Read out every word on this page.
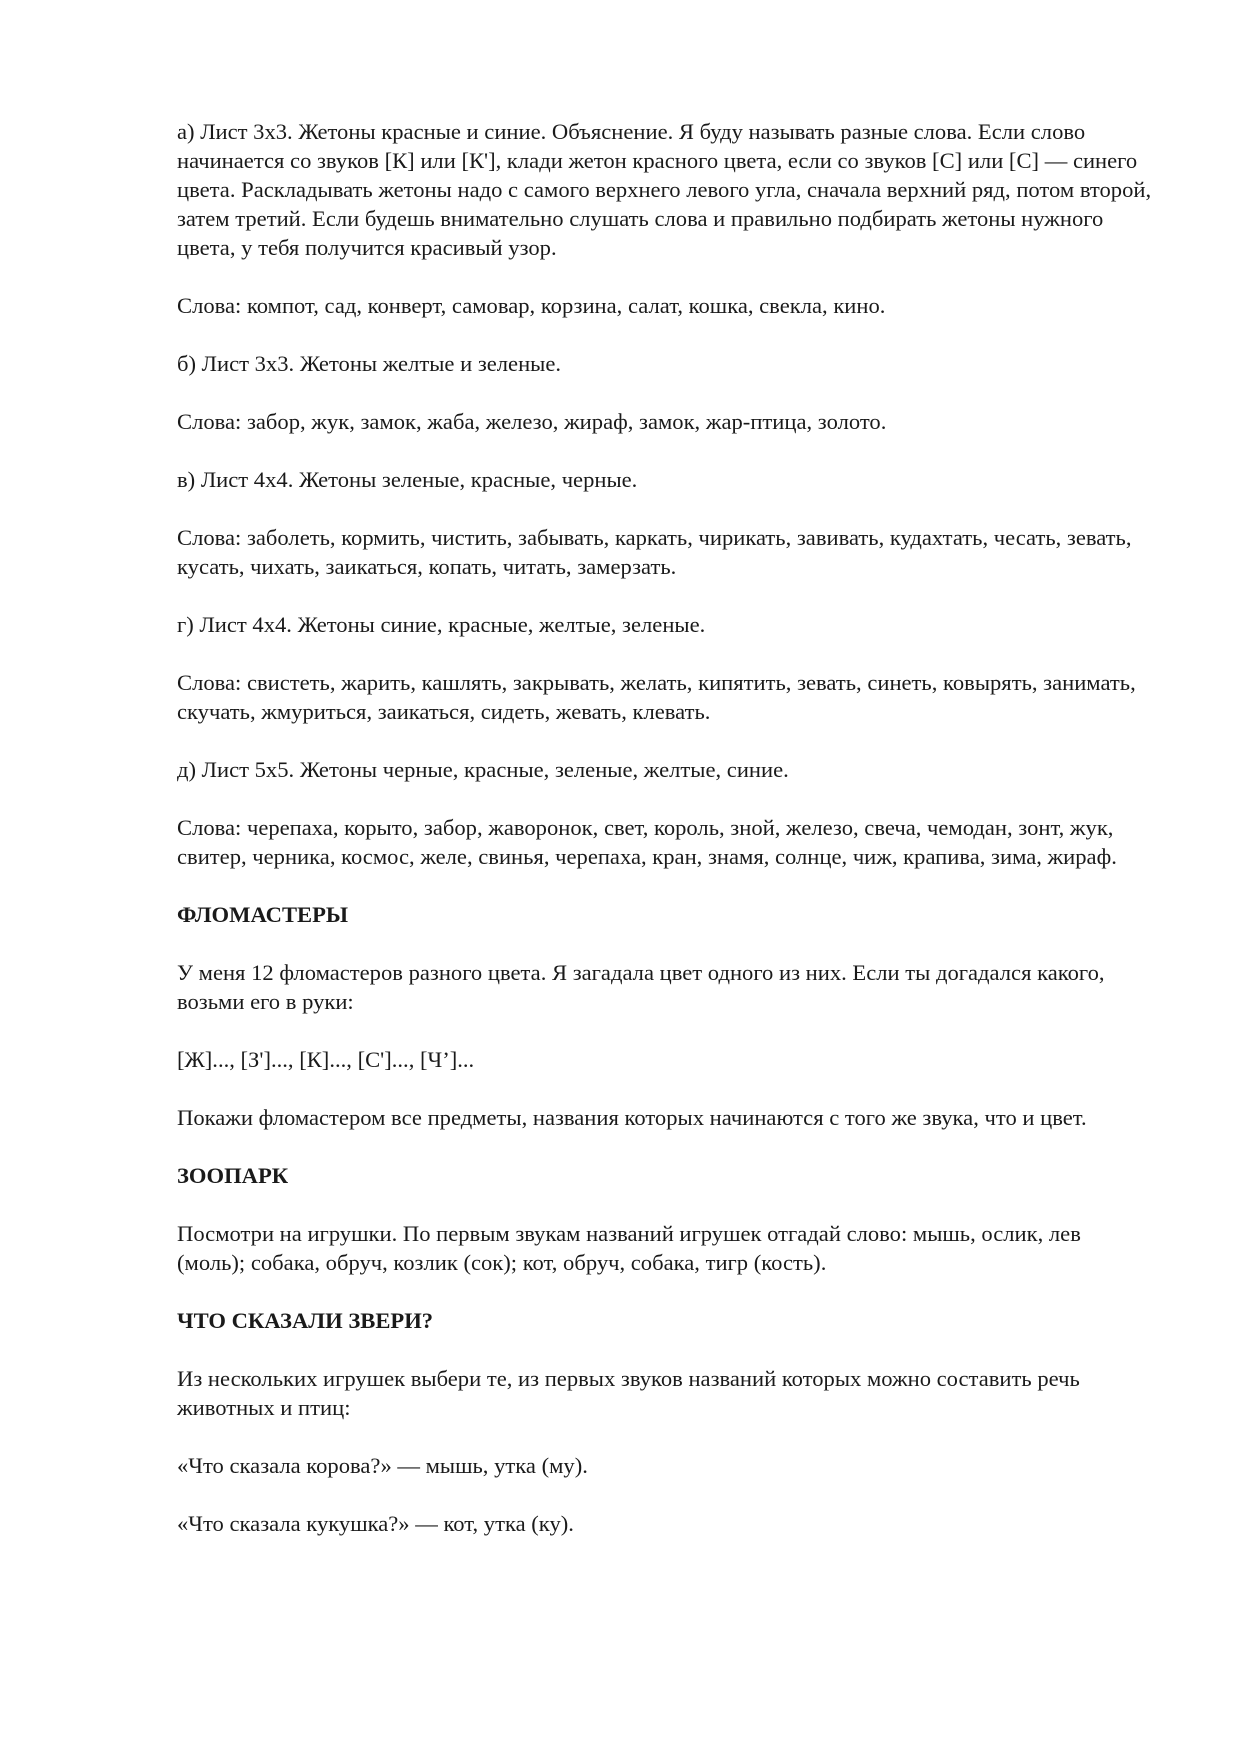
а) Лист 3x3. Жетоны красные и синие. Объяснение. Я буду называть разные слова. Если слово начинается со звуков [К] или [К'], клади жетон красного цвета, если со звуков [С] или [С] — синего цвета. Раскладывать жетоны надо с самого верхнего левого угла, сначала верхний ряд, потом второй, затем третий. Если будешь внимательно слушать слова и правильно подбирать жетоны нужного цвета, у тебя получится красивый узор.

Слова: компот, сад, конверт, самовар, корзина, салат, кошка, свекла, кино.

б) Лист 3x3. Жетоны желтые и зеленые.

Слова: забор, жук, замок, жаба, железо, жираф, замок, жар-птица, золото.

в) Лист 4x4. Жетоны зеленые, красные, черные.

Слова: заболеть, кормить, чистить, забывать, каркать, чирикать, завивать, кудахтать, чесать, зевать, кусать, чихать, заикаться, копать, читать, замерзать.

г) Лист 4x4. Жетоны синие, красные, желтые, зеленые.

Слова: свистеть, жарить, кашлять, закрывать, желать, кипятить, зевать, синеть, ковырять, занимать, скучать, жмуриться, заикаться, сидеть, жевать, клевать.

д) Лист 5x5. Жетоны черные, красные, зеленые, желтые, синие.

Слова: черепаха, корыто, забор, жаворонок, свет, король, зной, железо, свеча, чемодан, зонт, жук, свитер, черника, космос, желе, свинья, черепаха, кран, знамя, солнце, чиж, крапива, зима, жираф.

ФЛОМАСТЕРЫ

У меня 12 фломастеров разного цвета. Я загадала цвет одного из них. Если ты догадался какого, возьми его в руки:

[Ж]..., [З']..., [К]..., [С']..., [Ч’]...

Покажи фломастером все предметы, названия которых начинаются с того же звука, что и цвет.

ЗООПАРК

Посмотри на игрушки. По первым звукам названий игрушек отгадай слово: мышь, ослик, лев (моль); собака, обруч, козлик (сок); кот, обруч, собака, тигр (кость).

ЧТО СКАЗАЛИ ЗВЕРИ?

Из нескольких игрушек выбери те, из первых звуков названий которых можно составить речь животных и птиц:

«Что сказала корова?» — мышь, утка (му).

«Что сказала кукушка?» — кот, утка (ку).
